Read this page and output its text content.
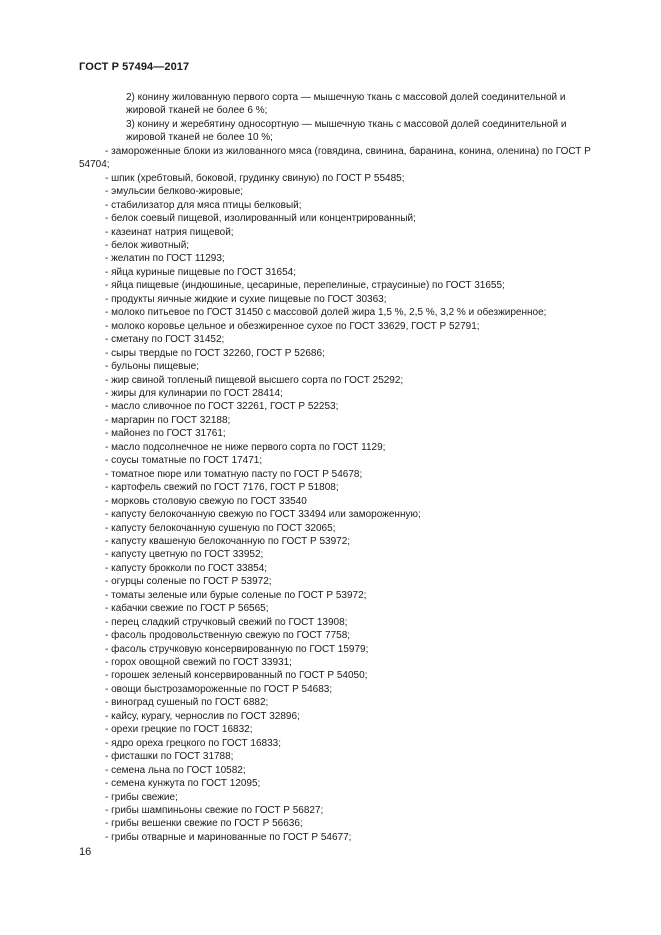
ГОСТ Р 57494—2017

2) конину жилованную первого сорта — мышечную ткань с массовой долей соединительной и

жировой тканей не более 6 %;

3) конину и жеребятину односортную — мышечную ткань с массовой долей соединительной и

жировой тканей не более 10 %;

- замороженные блоки из жилованного мяса (говядина, свинина, баранина, конина, оленина) по ГОСТ Р 54704;

- шпик (хребтовый, боковой, грудинку свиную) по ГОСТ Р 55485;

- эмульсии белково-жировые;

- стабилизатор для мяса птицы белковый;

- белок соевый пищевой, изолированный или концентрированный;

- казеинат натрия пищевой;

- белок животный;

- желатин по ГОСТ 11293;

- яйца куриные пищевые по ГОСТ 31654;

- яйца пищевые (индюшиные, цесариные, перепелиные, страусиные) по ГОСТ 31655;

- продукты яичные жидкие и сухие пищевые по ГОСТ 30363;

- молоко питьевое по ГОСТ 31450 с массовой долей жира 1,5 %, 2,5 %, 3,2 % и обезжиренное;

- молоко коровье цельное и обезжиренное сухое по ГОСТ 33629, ГОСТ Р 52791;

- сметану по ГОСТ 31452;

- сыры твердые по ГОСТ 32260, ГОСТ Р 52686;

- бульоны пищевые;

- жир свиной топленый пищевой высшего сорта по ГОСТ 25292;

- жиры для кулинарии по ГОСТ 28414;

- масло сливочное по ГОСТ 32261, ГОСТ Р 52253;

- маргарин по ГОСТ 32188;

- майонез по ГОСТ 31761;

- масло подсолнечное не ниже первого сорта по ГОСТ 1129;

- соусы томатные по ГОСТ 17471;

- томатное пюре или томатную пасту по ГОСТ Р 54678;

- картофель свежий по ГОСТ 7176, ГОСТ Р 51808;

- морковь столовую свежую по ГОСТ 33540

- капусту белокочанную свежую по ГОСТ 33494 или замороженную;

- капусту белокочанную сушеную по ГОСТ 32065;

- капусту квашеную белокочанную по ГОСТ Р 53972;

- капусту цветную по ГОСТ 33952;

- капусту брокколи по ГОСТ 33854;

- огурцы соленые по ГОСТ Р 53972;

- томаты зеленые или бурые соленые по ГОСТ Р 53972;

- кабачки свежие по ГОСТ Р 56565;

- перец сладкий стручковый свежий по ГОСТ 13908;

- фасоль продовольственную свежую по ГОСТ 7758;

- фасоль стручковую консервированную по ГОСТ 15979;

- горох овощной свежий по ГОСТ 33931;

- горошек зеленый консервированный по ГОСТ Р 54050;

- овощи быстрозамороженные по ГОСТ Р 54683;

- виноград сушеный по ГОСТ 6882;

- кайсу, курагу, чернослив по ГОСТ 32896;

- орехи грецкие по ГОСТ 16832;

- ядро ореха грецкого по ГОСТ 16833;

- фисташки по ГОСТ 31788;

- семена льна по ГОСТ 10582;

- семена кунжута по ГОСТ 12095;

- грибы свежие;

- грибы шампиньоны свежие по ГОСТ Р 56827;

- грибы вешенки свежие по ГОСТ Р 56636;

- грибы отварные и маринованные по ГОСТ Р 54677;

16
